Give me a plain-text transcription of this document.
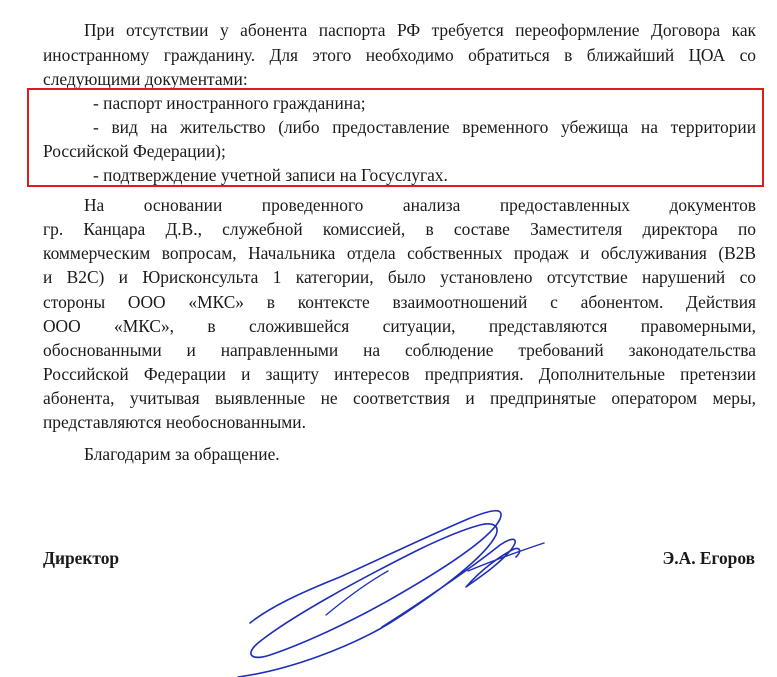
При отсутствии у абонента паспорта РФ требуется переоформление Договора как
иностранному гражданину. Для этого необходимо обратиться в ближайший ЦОА со
следующими документами:
- паспорт иностранного гражданина;
- вид на жительство (либо предоставление временного убежища на территории
Российской Федерации);
- подтверждение учетной записи на Госуслугах.
На основании проведенного анализа предоставленных документов
гр. Канцара Д.В., служебной комиссией, в составе Заместителя директора по
коммерческим вопросам, Начальника отдела собственных продаж и обслуживания (B2B
и B2C) и Юрисконсульта 1 категории, было установлено отсутствие нарушений со
стороны ООО «МКС» в контексте взаимоотношений с абонентом. Действия
ООО «МКС», в сложившейся ситуации, представляются правомерными,
обоснованными и направленными на соблюдение требований законодательства
Российской Федерации и защиту интересов предприятия. Дополнительные претензии
абонента, учитывая выявленные не соответствия и предпринятые оператором меры,
представляются необоснованными.
Благодарим за обращение.
Директор	Э.А. Егоров
